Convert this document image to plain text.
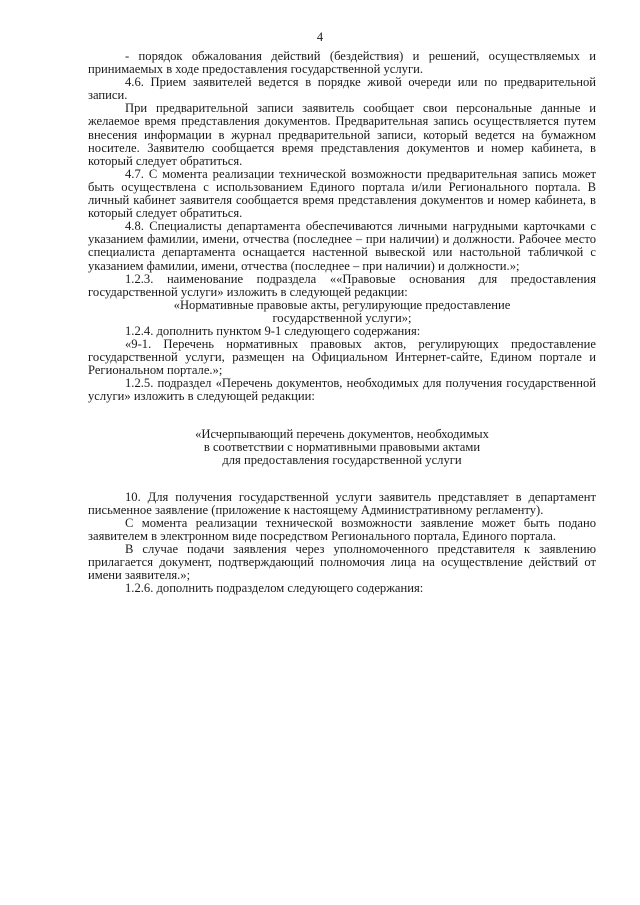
4

- порядок обжалования действий (бездействия) и решений, осуществляемых и принимаемых в ходе предоставления государственной услуги.

4.6. Прием заявителей ведется в порядке живой очереди или по предварительной записи.

При предварительной записи заявитель сообщает свои персональные данные и желаемое время представления документов. Предварительная запись осуществляется путем внесения информации в журнал предварительной записи, который ведется на бумажном носителе. Заявителю сообщается время представления документов и номер кабинета, в который следует обратиться.

4.7. С момента реализации технической возможности предварительная запись может быть осуществлена с использованием Единого портала и/или Регионального портала. В личный кабинет заявителя сообщается время представления документов и номер кабинета, в который следует обратиться.

4.8. Специалисты департамента обеспечиваются личными нагрудными карточками с указанием фамилии, имени, отчества (последнее – при наличии) и должности. Рабочее место специалиста департамента оснащается настенной вывеской или настольной табличкой с указанием фамилии, имени, отчества (последнее – при наличии) и должности.»;

1.2.3. наименование подраздела ««Правовые основания для предоставления государственной услуги» изложить в следующей редакции:

«Нормативные правовые акты, регулирующие предоставление

государственной услуги»;

1.2.4. дополнить пунктом 9-1 следующего содержания:

«9-1. Перечень нормативных правовых актов, регулирующих предоставление государственной услуги, размещен на Официальном Интернет-сайте, Едином портале и Региональном портале.»;

1.2.5. подраздел «Перечень документов, необходимых для получения государственной услуги» изложить в следующей редакции:

«Исчерпывающий перечень документов, необходимых

в соответствии с нормативными правовыми актами

для предоставления государственной услуги

10. Для получения государственной услуги заявитель представляет в департамент письменное заявление (приложение к настоящему Административному регламенту).

С момента реализации технической возможности заявление может быть подано заявителем в электронном виде посредством Регионального портала, Единого портала.

В случае подачи заявления через уполномоченного представителя к заявлению прилагается документ, подтверждающий полномочия лица на осуществление действий от имени заявителя.»;

1.2.6. дополнить подразделом следующего содержания:
